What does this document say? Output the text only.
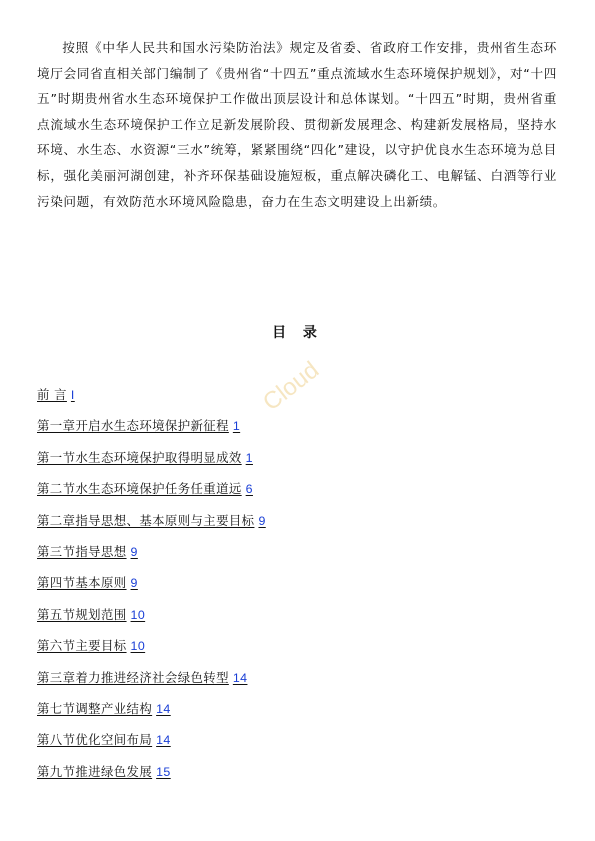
按照《中华人民共和国水污染防治法》规定及省委、省政府工作安排，贵州省生态环境厅会同省直相关部门编制了《贵州省“十四五”重点流域水生态环境保护规划》，对“十四五”时期贵州省水生态环境保护工作做出顶层设计和总体谋划。“十四五”时期，贵州省重点流域水生态环境保护工作立足新发展阶段、贯彻新发展理念、构建新发展格局，坚持水环境、水生态、水资源“三水”统筹，紧紧围绕“四化”建设，以守护优良水生态环境为总目标，强化美丽河湖创建，补齐环保基础设施短板，重点解决磷化工、电解锰、白酒等行业污染问题，有效防范水环境风险隐患，奋力在生态文明建设上出新绩。

目 录
Cloud
前 言 I
第一章开启水生态环境保护新征程 1
第一节水生态环境保护取得明显成效 1
第二节水生态环境保护任务任重道远 6
第二章指导思想、基本原则与主要目标 9
第三节指导思想 9
第四节基本原则 9
第五节规划范围 10
第六节主要目标 10
第三章着力推进经济社会绿色转型 14
第七节调整产业结构 14
第八节优化空间布局 14
第九节推进绿色发展 15
